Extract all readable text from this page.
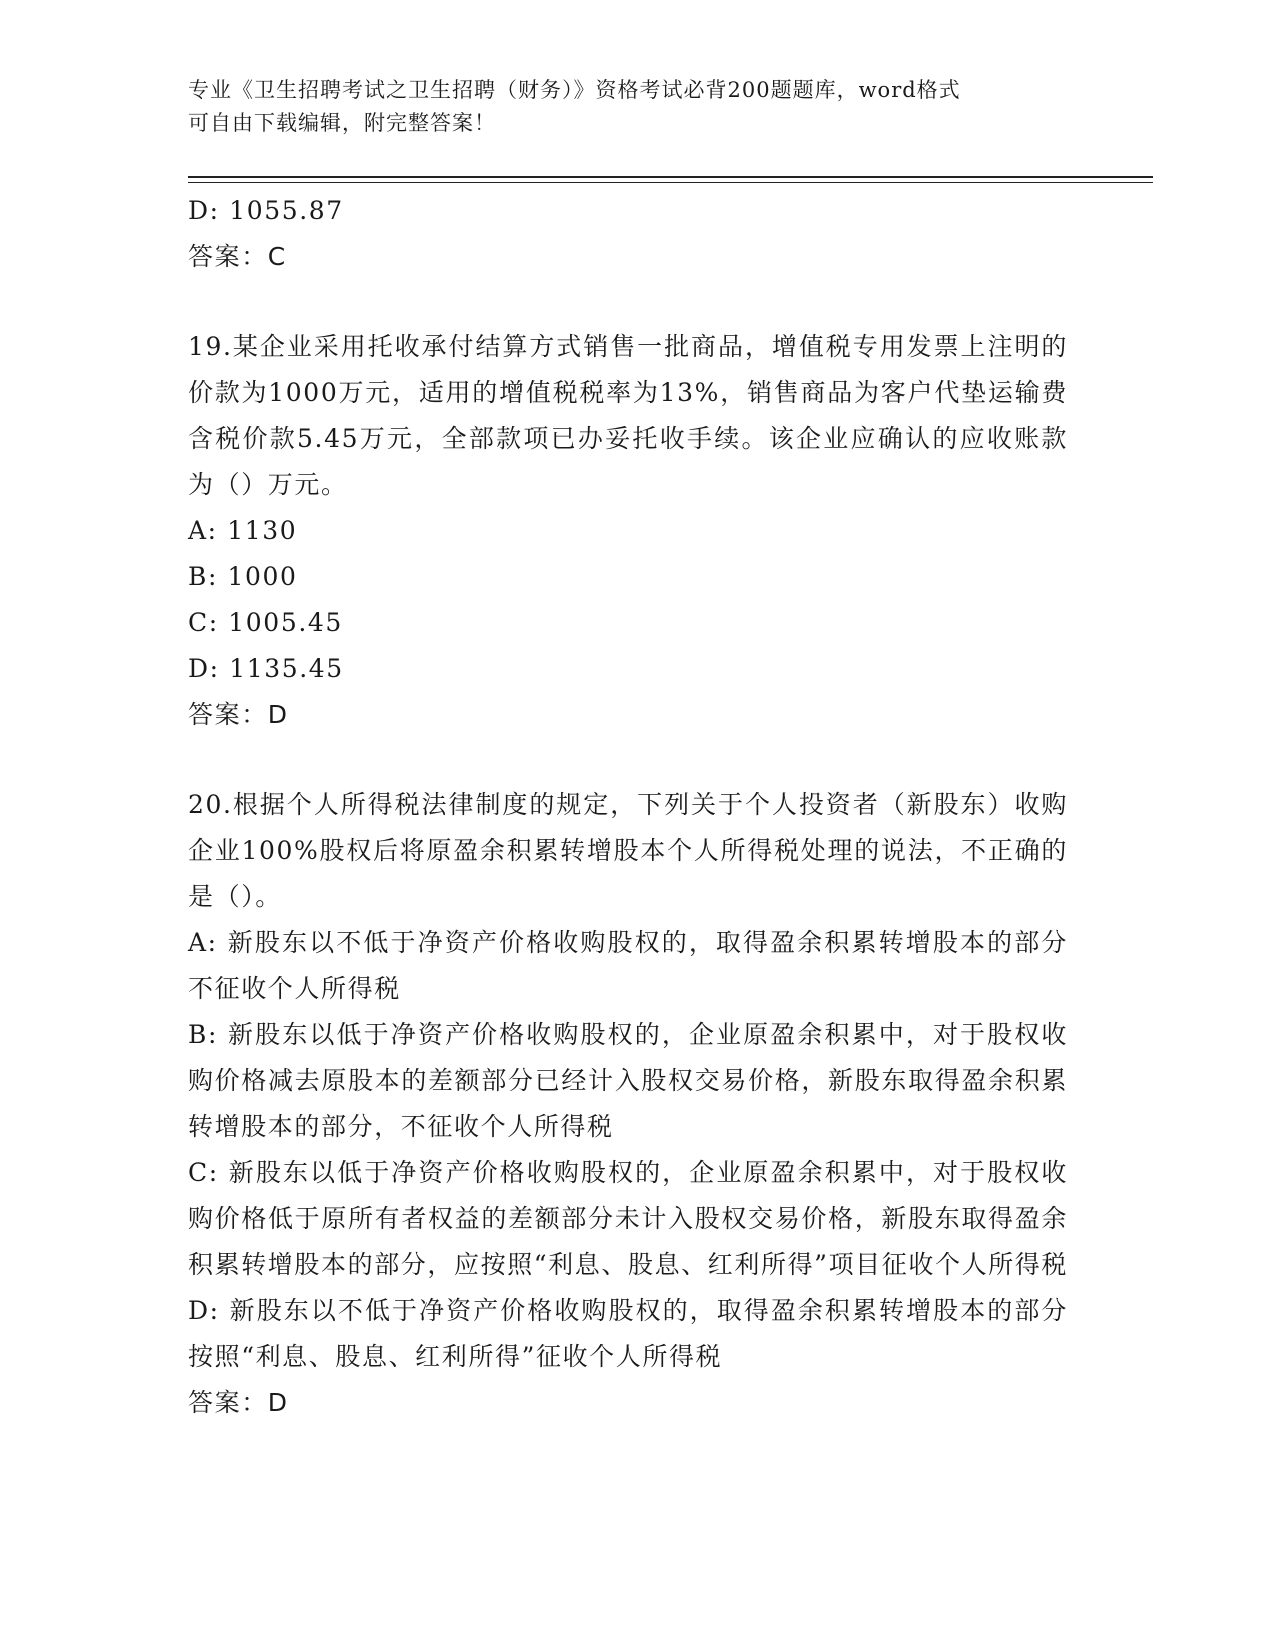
专业《卫生招聘考试之卫生招聘（财务）》资格考试必背200题题库，word格式
可自由下载编辑，附完整答案！
D: 1055.87
答案：C
19.某企业采用托收承付结算方式销售一批商品，增值税专用发票上注明的价款为1000万元，适用的增值税税率为13%，销售商品为客户代垫运输费含税价款5.45万元，全部款项已办妥托收手续。该企业应确认的应收账款为（）万元。
A: 1130
B: 1000
C: 1005.45
D: 1135.45
答案：D
20.根据个人所得税法律制度的规定，下列关于个人投资者（新股东）收购企业100%股权后将原盈余积累转增股本个人所得税处理的说法，不正确的是（）。
A: 新股东以不低于净资产价格收购股权的，取得盈余积累转增股本的部分不征收个人所得税
B: 新股东以低于净资产价格收购股权的，企业原盈余积累中，对于股权收购价格减去原股本的差额部分已经计入股权交易价格，新股东取得盈余积累转增股本的部分，不征收个人所得税
C: 新股东以低于净资产价格收购股权的，企业原盈余积累中，对于股权收购价格低于原所有者权益的差额部分未计入股权交易价格，新股东取得盈余积累转增股本的部分，应按照“利息、股息、红利所得”项目征收个人所得税
D: 新股东以不低于净资产价格收购股权的，取得盈余积累转增股本的部分按照“利息、股息、红利所得”征收个人所得税
答案：D
